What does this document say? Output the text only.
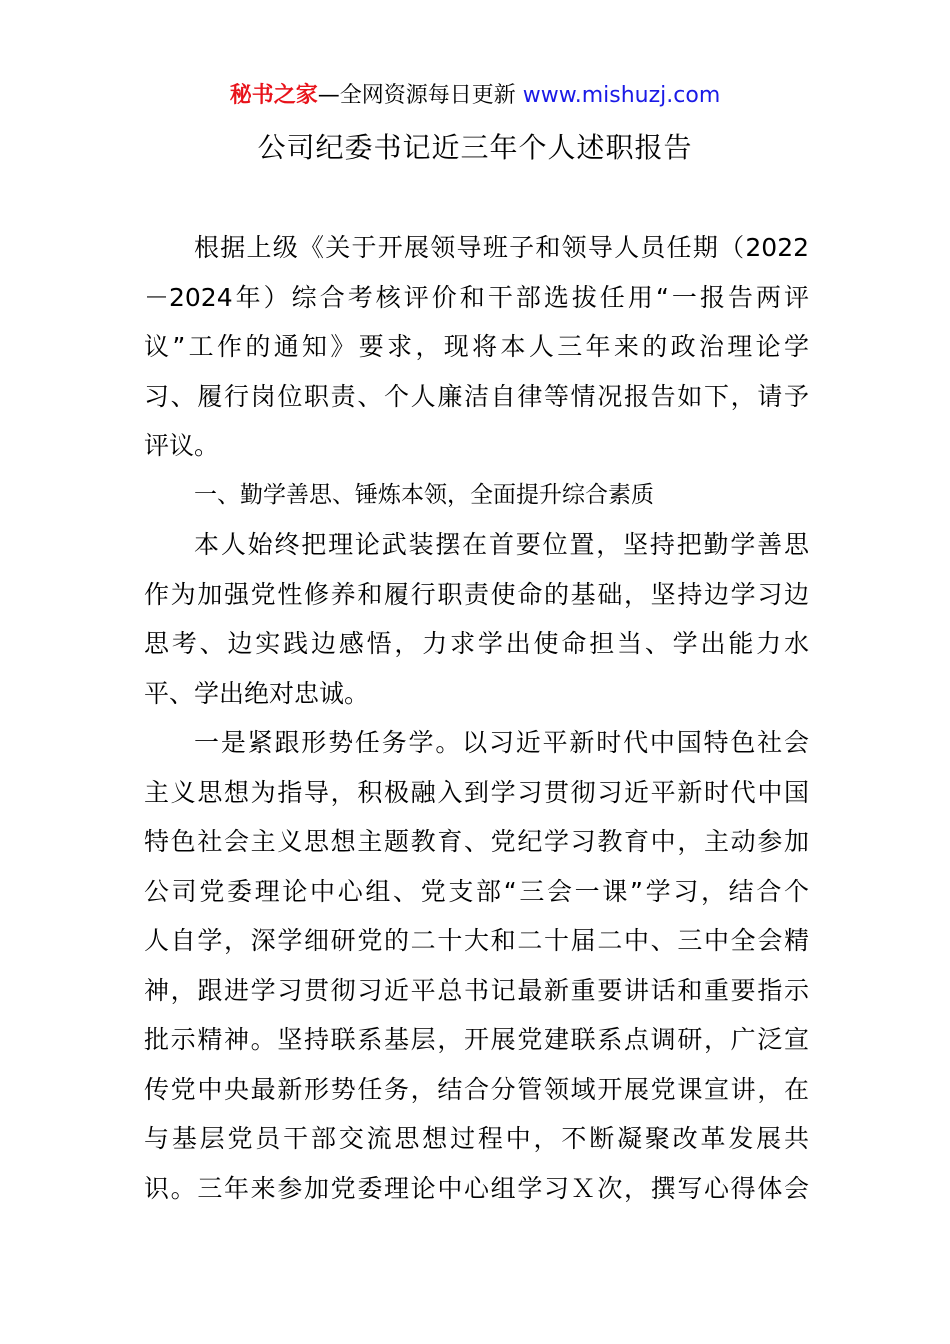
秘书之家—全网资源每日更新 www.mishuzj.com
公司纪委书记近三年个人述职报告
根据上级《关于开展领导班子和领导人员任期（2022
－2024年）综合考核评价和干部选拔任用“一报告两评
议”工作的通知》要求，现将本人三年来的政治理论学
习、履行岗位职责、个人廉洁自律等情况报告如下，请予
评议。
一、勤学善思、锤炼本领，全面提升综合素质
本人始终把理论武装摆在首要位置，坚持把勤学善思
作为加强党性修养和履行职责使命的基础，坚持边学习边
思考、边实践边感悟，力求学出使命担当、学出能力水
平、学出绝对忠诚。
一是紧跟形势任务学。以习近平新时代中国特色社会
主义思想为指导，积极融入到学习贯彻习近平新时代中国
特色社会主义思想主题教育、党纪学习教育中，主动参加
公司党委理论中心组、党支部“三会一课”学习，结合个
人自学，深学细研党的二十大和二十届二中、三中全会精
神，跟进学习贯彻习近平总书记最新重要讲话和重要指示
批示精神。坚持联系基层，开展党建联系点调研，广泛宣
传党中央最新形势任务，结合分管领域开展党课宣讲，在
与基层党员干部交流思想过程中，不断凝聚改革发展共
识。三年来参加党委理论中心组学习Ｘ次，撰写心得体会
